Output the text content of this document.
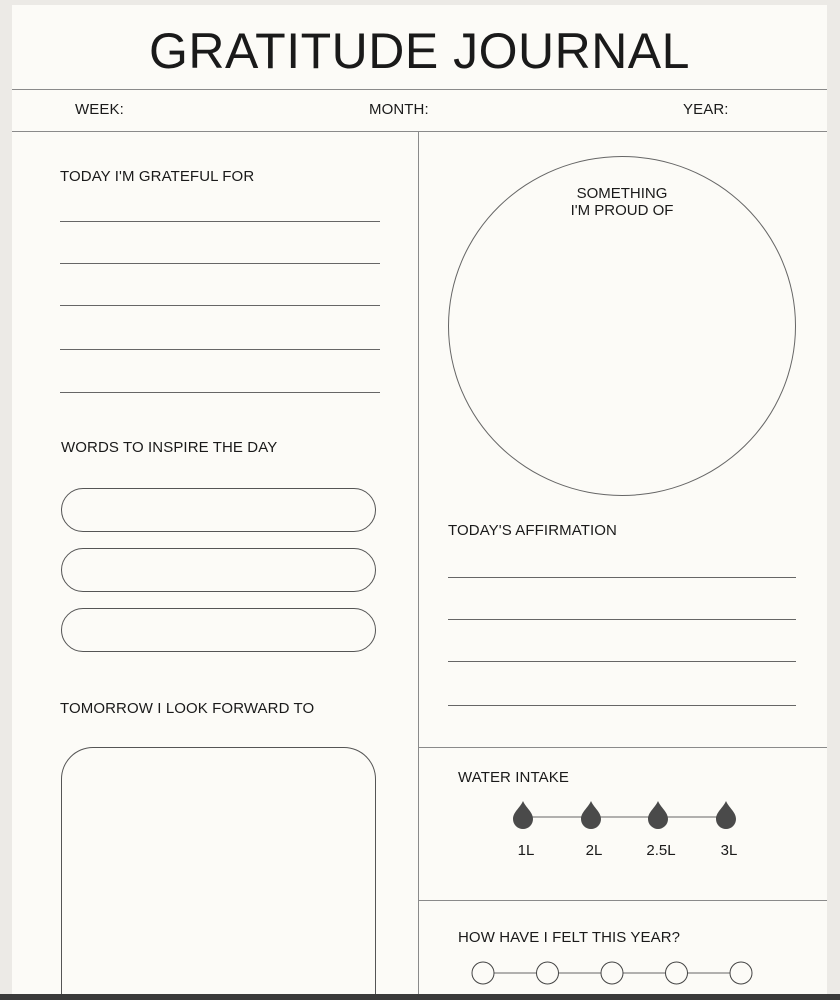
GRATITUDE JOURNAL
WEEK:	MONTH:	YEAR:
TODAY I'M GRATEFUL FOR
WORDS TO INSPIRE THE DAY
TOMORROW I LOOK FORWARD TO
SOMETHING
I'M PROUD OF
TODAY'S AFFIRMATION
WATER INTAKE
1L	2L	2.5L	3L
HOW HAVE I FELT THIS YEAR?
